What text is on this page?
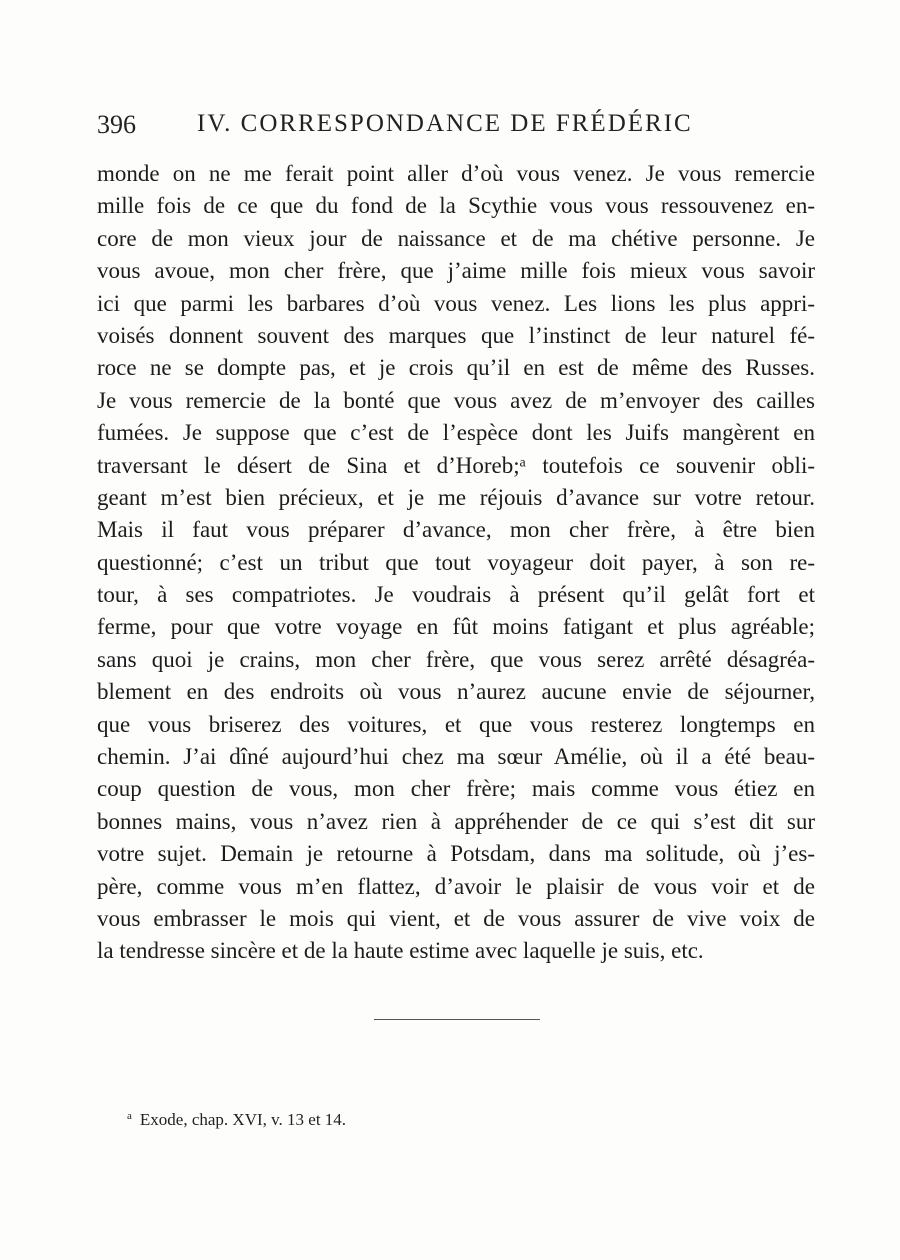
396 IV. CORRESPONDANCE DE FRÉDÉRIC
monde on ne me ferait point aller d’où vous venez. Je vous remercie
mille fois de ce que du fond de la Scythie vous vous ressouvenez en-
core de mon vieux jour de naissance et de ma chétive personne. Je
vous avoue, mon cher frère, que j’aime mille fois mieux vous savoir
ici que parmi les barbares d’où vous venez. Les lions les plus appri-
voisés donnent souvent des marques que l’instinct de leur naturel fé-
roce ne se dompte pas, et je crois qu’il en est de même des Russes.
Je vous remercie de la bonté que vous avez de m’envoyer des cailles
fumées. Je suppose que c’est de l’espèce dont les Juifs mangèrent en
traversant le désert de Sina et d’Horeb;ᵃ toutefois ce souvenir obli-
geant m’est bien précieux, et je me réjouis d’avance sur votre retour.
Mais il faut vous préparer d’avance, mon cher frère, à être bien
questionné; c’est un tribut que tout voyageur doit payer, à son re-
tour, à ses compatriotes. Je voudrais à présent qu’il gelât fort et
ferme, pour que votre voyage en fût moins fatigant et plus agréable;
sans quoi je crains, mon cher frère, que vous serez arrêté désagréa-
blement en des endroits où vous n’aurez aucune envie de séjourner,
que vous briserez des voitures, et que vous resterez longtemps en
chemin. J’ai dîné aujourd’hui chez ma sœur Amélie, où il a été beau-
coup question de vous, mon cher frère; mais comme vous étiez en
bonnes mains, vous n’avez rien à appréhender de ce qui s’est dit sur
votre sujet. Demain je retourne à Potsdam, dans ma solitude, où j’es-
père, comme vous m’en flattez, d’avoir le plaisir de vous voir et de
vous embrasser le mois qui vient, et de vous assurer de vive voix de
la tendresse sincère et de la haute estime avec laquelle je suis, etc.
$^a$ Exode, chap. XVI, v. 13 et 14.
